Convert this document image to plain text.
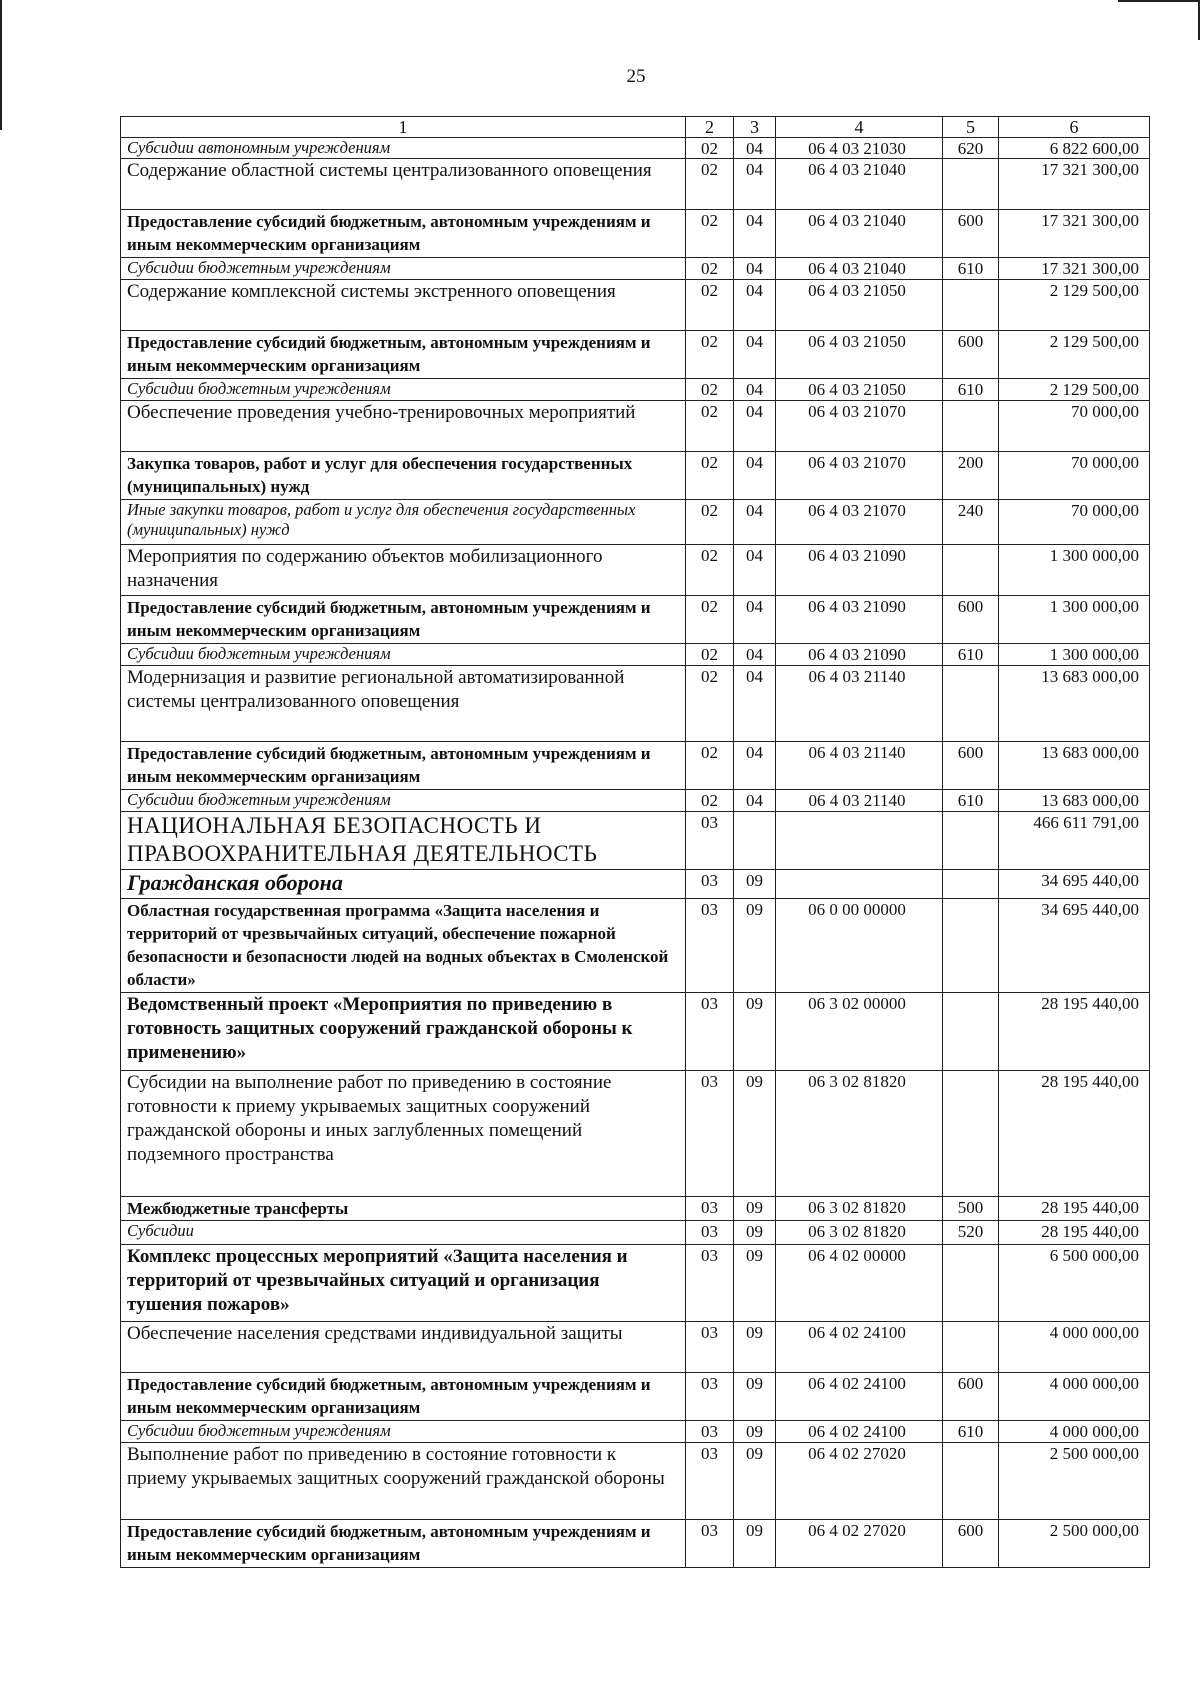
25
1	2	3	4	5	6
Субсидии автономным учреждениям	02	04	06 4 03 21030	620	6 822 600,00
Содержание областной системы централизованного оповещения	02	04	06 4 03 21040		17 321 300,00
Предоставление субсидий бюджетным, автономным учреждениям и иным некоммерческим организациям	02	04	06 4 03 21040	600	17 321 300,00
Субсидии бюджетным учреждениям	02	04	06 4 03 21040	610	17 321 300,00
Содержание комплексной системы экстренного оповещения	02	04	06 4 03 21050		2 129 500,00
Предоставление субсидий бюджетным, автономным учреждениям и иным некоммерческим организациям	02	04	06 4 03 21050	600	2 129 500,00
Субсидии бюджетным учреждениям	02	04	06 4 03 21050	610	2 129 500,00
Обеспечение проведения учебно-тренировочных мероприятий	02	04	06 4 03 21070		70 000,00
Закупка товаров, работ и услуг для обеспечения государственных (муниципальных) нужд	02	04	06 4 03 21070	200	70 000,00
Иные закупки товаров, работ и услуг для обеспечения государственных (муниципальных) нужд	02	04	06 4 03 21070	240	70 000,00
Мероприятия по содержанию объектов мобилизационного назначения	02	04	06 4 03 21090		1 300 000,00
Предоставление субсидий бюджетным, автономным учреждениям и иным некоммерческим организациям	02	04	06 4 03 21090	600	1 300 000,00
Субсидии бюджетным учреждениям	02	04	06 4 03 21090	610	1 300 000,00
Модернизация и развитие региональной автоматизированной системы централизованного оповещения	02	04	06 4 03 21140		13 683 000,00
Предоставление субсидий бюджетным, автономным учреждениям и иным некоммерческим организациям	02	04	06 4 03 21140	600	13 683 000,00
Субсидии бюджетным учреждениям	02	04	06 4 03 21140	610	13 683 000,00
НАЦИОНАЛЬНАЯ БЕЗОПАСНОСТЬ И ПРАВООХРАНИТЕЛЬНАЯ ДЕЯТЕЛЬНОСТЬ	03				466 611 791,00
Гражданская оборона	03	09			34 695 440,00
Областная государственная программа «Защита населения и территорий от чрезвычайных ситуаций, обеспечение пожарной безопасности и безопасности людей на водных объектах в Смоленской области»	03	09	06 0 00 00000		34 695 440,00
Ведомственный проект «Мероприятия по приведению в готовность защитных сооружений гражданской обороны к применению»	03	09	06 3 02 00000		28 195 440,00
Субсидии на выполнение работ по приведению в состояние готовности к приему укрываемых защитных сооружений гражданской обороны и иных заглубленных помещений подземного пространства	03	09	06 3 02 81820		28 195 440,00
Межбюджетные трансферты	03	09	06 3 02 81820	500	28 195 440,00
Субсидии	03	09	06 3 02 81820	520	28 195 440,00
Комплекс процессных мероприятий «Защита населения и территорий от чрезвычайных ситуаций и организация тушения пожаров»	03	09	06 4 02 00000		6 500 000,00
Обеспечение населения средствами индивидуальной защиты	03	09	06 4 02 24100		4 000 000,00
Предоставление субсидий бюджетным, автономным учреждениям и иным некоммерческим организациям	03	09	06 4 02 24100	600	4 000 000,00
Субсидии бюджетным учреждениям	03	09	06 4 02 24100	610	4 000 000,00
Выполнение работ по приведению в состояние готовности к приему укрываемых защитных сооружений гражданской обороны	03	09	06 4 02 27020		2 500 000,00
Предоставление субсидий бюджетным, автономным учреждениям и иным некоммерческим организациям	03	09	06 4 02 27020	600	2 500 000,00
